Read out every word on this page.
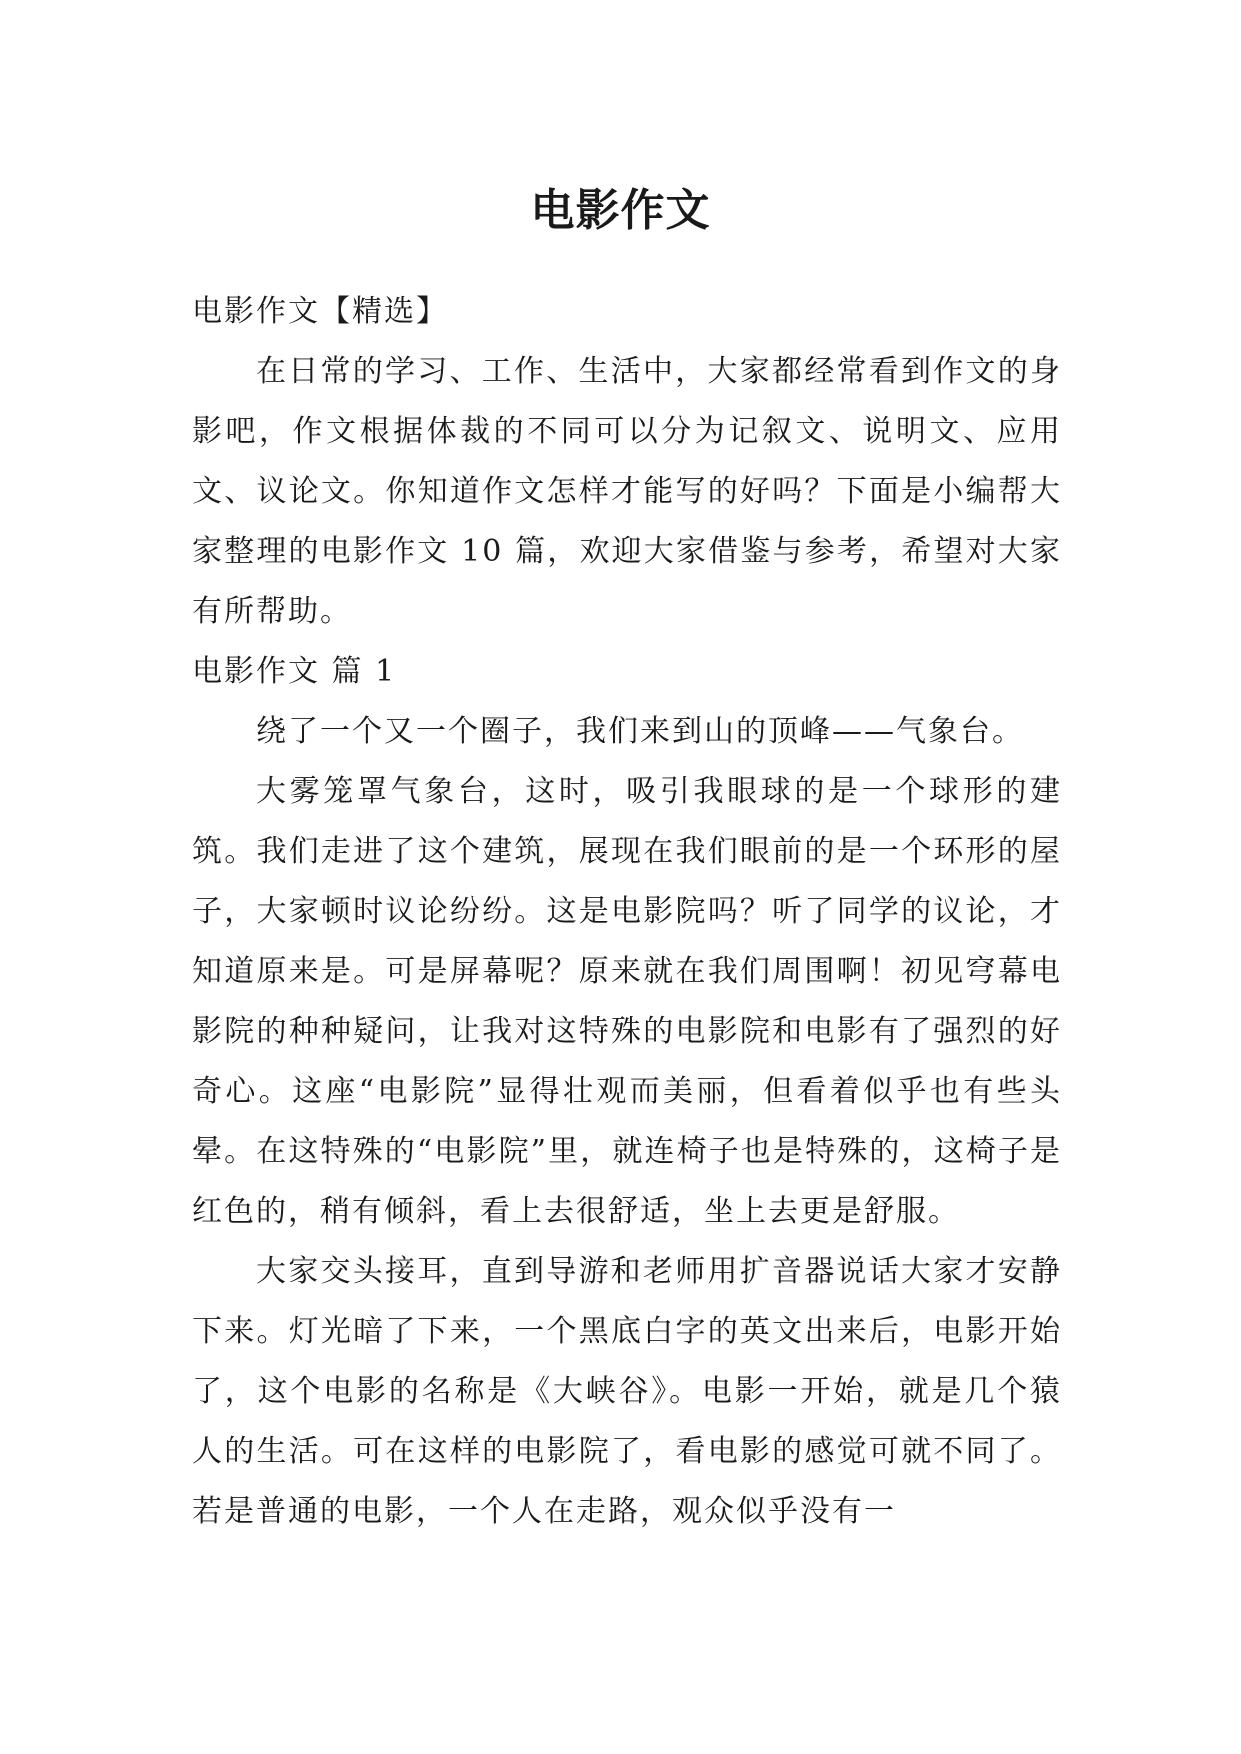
电影作文

电影作文【精选】

在日常的学习、工作、生活中，大家都经常看到作文的身影吧，作文根据体裁的不同可以分为记叙文、说明文、应用文、议论文。你知道作文怎样才能写的好吗？下面是小编帮大家整理的电影作文 10 篇，欢迎大家借鉴与参考，希望对大家有所帮助。

电影作文 篇 1

绕了一个又一个圈子，我们来到山的顶峰——气象台。

大雾笼罩气象台，这时，吸引我眼球的是一个球形的建筑。我们走进了这个建筑，展现在我们眼前的是一个环形的屋子，大家顿时议论纷纷。这是电影院吗？听了同学的议论，才知道原来是。可是屏幕呢？原来就在我们周围啊！初见穹幕电影院的种种疑问，让我对这特殊的电影院和电影有了强烈的好奇心。这座“电影院”显得壮观而美丽，但看着似乎也有些头晕。在这特殊的“电影院”里，就连椅子也是特殊的，这椅子是红色的，稍有倾斜，看上去很舒适，坐上去更是舒服。

大家交头接耳，直到导游和老师用扩音器说话大家才安静下来。灯光暗了下来，一个黑底白字的英文出来后，电影开始了，这个电影的名称是《大峡谷》。电影一开始，就是几个猿人的生活。可在这样的电影院了，看电影的感觉可就不同了。若是普通的电影，一个人在走路，观众似乎没有一
